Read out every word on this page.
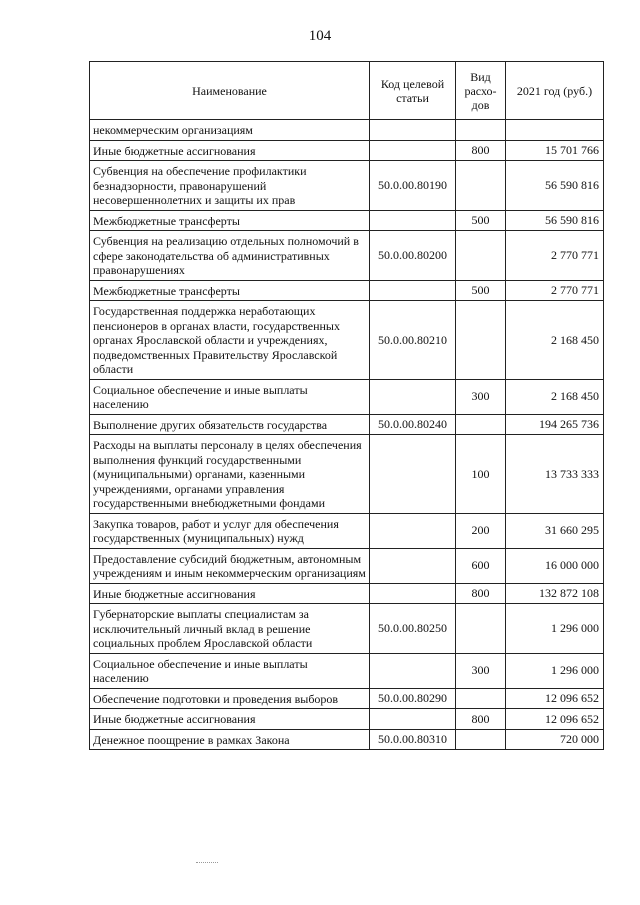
104
Наименование	Код целевой статьи	Вид расхо-дов	2021 год (руб.)
некоммерческим организациям			
Иные бюджетные ассигнования		800	15 701 766
Субвенция на обеспечение профилактики безнадзорности, правонарушений несовершеннолетних и защиты их прав	50.0.00.80190		56 590 816
Межбюджетные трансферты		500	56 590 816
Субвенция на реализацию отдельных полномочий в сфере законодательства об административных правонарушениях	50.0.00.80200		2 770 771
Межбюджетные трансферты		500	2 770 771
Государственная поддержка неработающих пенсионеров в органах власти, государственных органах Ярославской области и учреждениях, подведомственных Правительству Ярославской области	50.0.00.80210		2 168 450
Социальное обеспечение и иные выплаты населению		300	2 168 450
Выполнение других обязательств государства	50.0.00.80240		194 265 736
Расходы на выплаты персоналу в целях обеспечения выполнения функций государственными (муниципальными) органами, казенными учреждениями, органами управления государственными внебюджетными фондами		100	13 733 333
Закупка товаров, работ и услуг для обеспечения государственных (муниципальных) нужд		200	31 660 295
Предоставление субсидий бюджетным, автономным учреждениям и иным некоммерческим организациям		600	16 000 000
Иные бюджетные ассигнования		800	132 872 108
Губернаторские выплаты специалистам за исключительный личный вклад в решение социальных проблем Ярославской области	50.0.00.80250		1 296 000
Социальное обеспечение и иные выплаты населению		300	1 296 000
Обеспечение подготовки и проведения выборов	50.0.00.80290		12 096 652
Иные бюджетные ассигнования		800	12 096 652
Денежное поощрение в рамках Закона	50.0.00.80310		720 000
